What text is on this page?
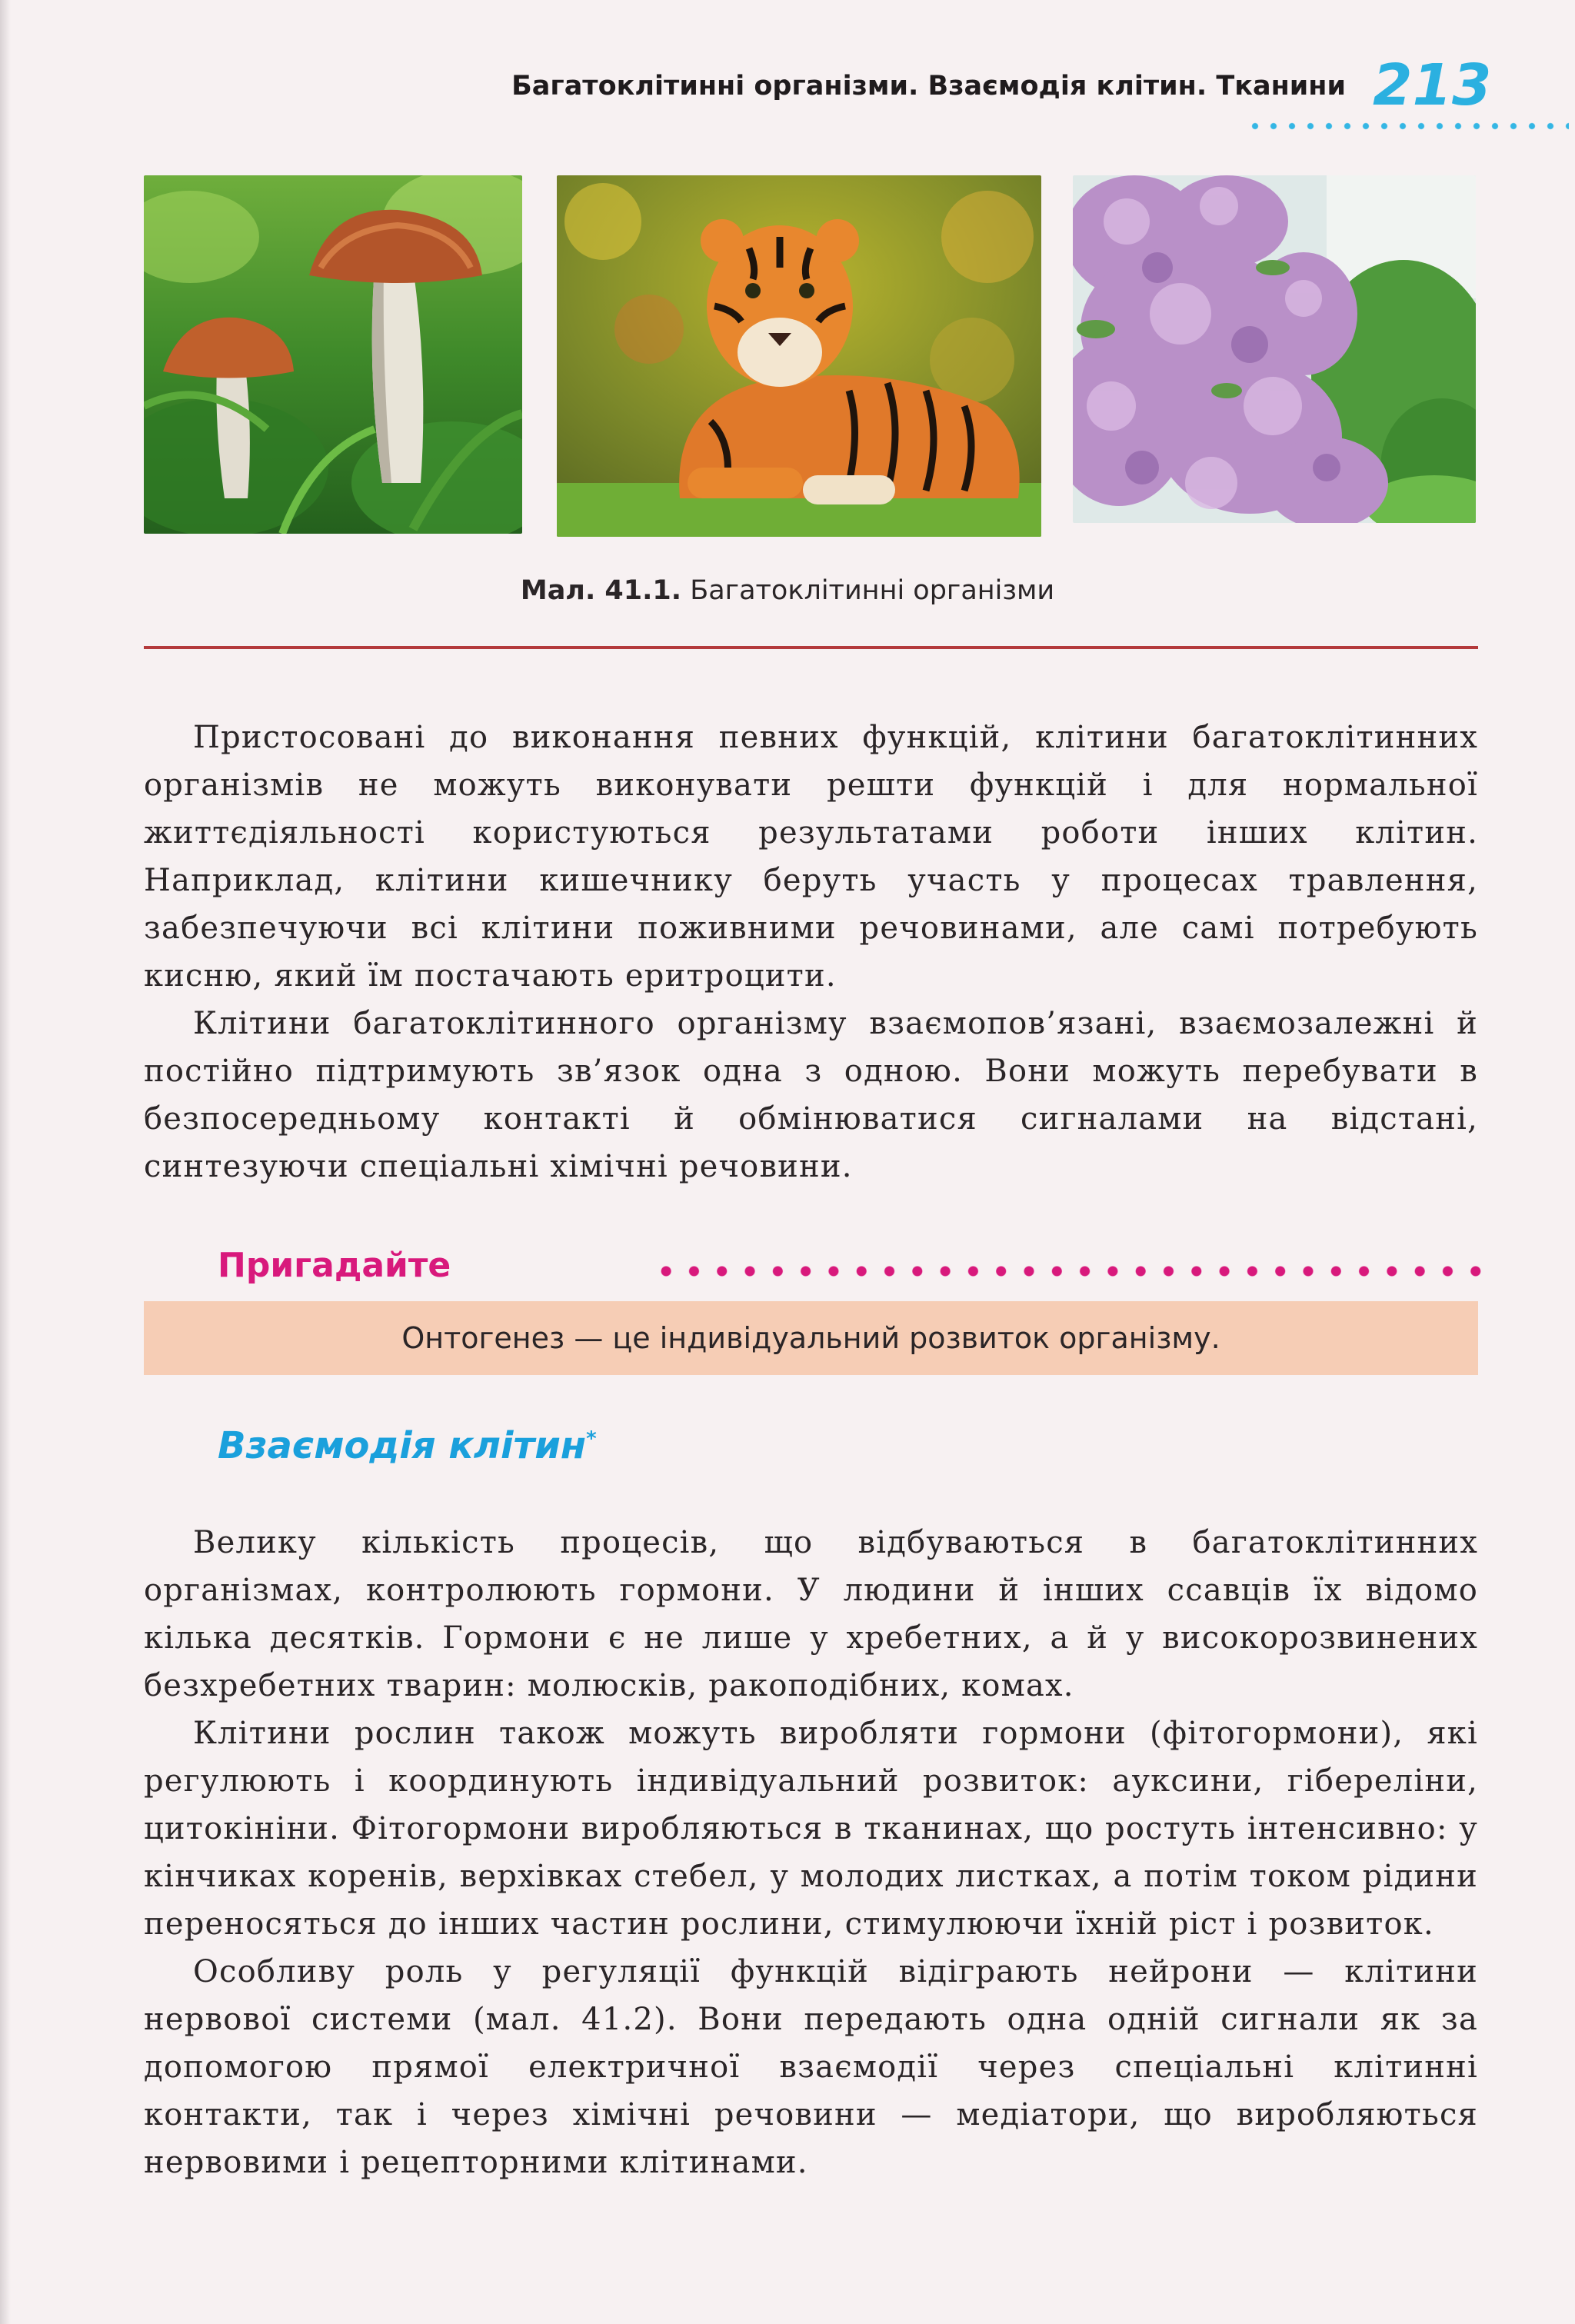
Багатоклітинні організми. Взаємодія клітин. Тканини 213
Мал. 41.1. Багатоклітинні організми

Пристосовані до виконання певних функцій, клітини багатоклітинних організмів не можуть виконувати решти функцій і для нормальної життєдіяльності користуються результатами роботи інших клітин. Наприклад, клітини кишечнику беруть участь у процесах травлення, забезпечуючи всі клітини поживними речовинами, але самі потребують кисню, який їм постачають еритроцити.

Клітини багатоклітинного організму взаємопов’язані, взаємозалежні й постійно підтримують зв’язок одна з одною. Вони можуть перебувати в безпосередньому контакті й обмінюватися сигналами на відстані, синтезуючи спеціальні хімічні речовини.

Пригадайте
Онтогенез — це індивідуальний розвиток організму.
Взаємодія клітин*

Велику кількість процесів, що відбуваються в багатоклітинних організмах, контролюють гормони. У людини й інших ссавців їх відомо кілька десятків. Гормони є не лише у хребетних, а й у високорозвинених безхребетних тварин: молюсків, ракоподібних, комах.

Клітини рослин також можуть виробляти гормони (фітогормони), які регулюють і координують індивідуальний розвиток: ауксини, гібереліни, цитокініни. Фітогормони виробляються в тканинах, що ростуть інтенсивно: у кінчиках коренів, верхівках стебел, у молодих листках, а потім током рідини переносяться до інших частин рослини, стимулюючи їхній ріст і розвиток.

Особливу роль у регуляції функцій відіграють нейрони — клітини нервової системи (мал. 41.2). Вони передають одна одній сигнали як за допомогою прямої електричної взаємодії через спеціальні клітинні контакти, так і через хімічні речовини — медіатори, що виробляються нервовими і рецепторними клітинами.
